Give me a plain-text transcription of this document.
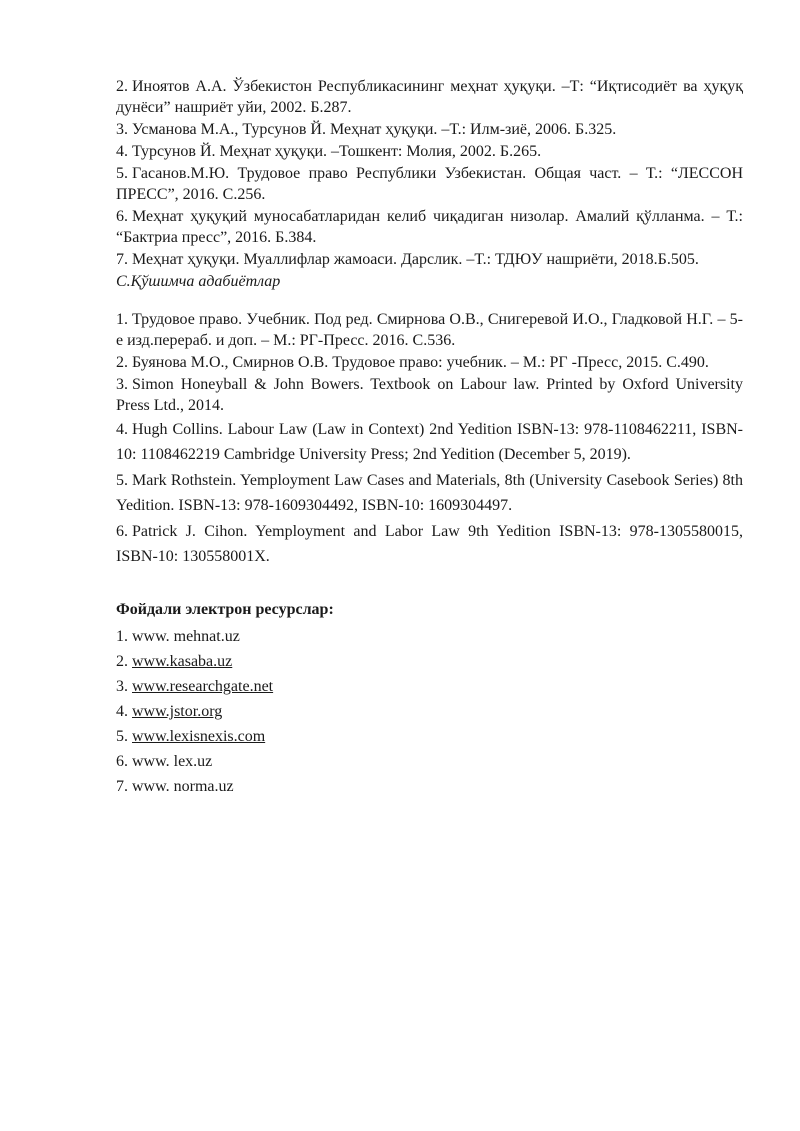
2. Иноятов А.А. Ўзбекистон Республикасининг меҳнат ҳуқуқи. –Т: “Иқтисодиёт ва ҳуқуқ дунёси” нашриёт уйи, 2002. Б.287.

3. Усманова М.А., Турсунов Й. Меҳнат ҳуқуқи. –Т.: Илм-зиё, 2006. Б.325.

4. Турсунов Й. Меҳнат ҳуқуқи. –Тошкент: Молия, 2002. Б.265.

5. Гасанов.М.Ю. Трудовое право Республики Узбекистан. Общая част. – Т.: “ЛЕССОН ПРЕСС”, 2016. С.256.

6. Меҳнат ҳуқуқий муносабатларидан келиб чиқадиган низолар. Амалий қўлланма. – Т.: “Бактриа пресс”, 2016. Б.384.

7. Меҳнат ҳуқуқи. Муаллифлар жамоаси. Дарслик. –Т.: ТДЮУ нашриёти, 2018.Б.505.

С.Қўшимча адабиётлар

1. Трудовое право. Учебник. Под ред. Смирнова О.В., Снигеревой И.О., Гладковой Н.Г. – 5-е изд.перераб. и доп. – М.: РГ-Пресс. 2016. С.536.

2. Буянова М.О., Смирнов О.В. Трудовое право: учебник. – М.: РГ -Пресс, 2015. С.490.

3. Simon Honeyball & John Bowers. Textbook on Labour law. Printed by Oxford University Press Ltd., 2014.

4. Hugh Collins. Labour Law (Law in Context) 2nd Yedition ISBN-13: 978-1108462211, ISBN-10: 1108462219 Cambridge University Press; 2nd Yedition (December 5, 2019).

5. Mark Rothstein. Yemployment Law Cases and Materials, 8th (University Casebook Series) 8th Yedition. ISBN-13: 978-1609304492, ISBN-10: 1609304497.

6. Patrick J. Cihon. Yemployment and Labor Law 9th Yedition ISBN-13: 978-1305580015, ISBN-10: 130558001X.

Фойдали электрон ресурслар:

1. www. mehnat.uz

2. www.kasaba.uz

3. www.researchgate.net

4. www.jstor.org

5. www.lexisnexis.com

6. www. lex.uz

7. www. norma.uz
